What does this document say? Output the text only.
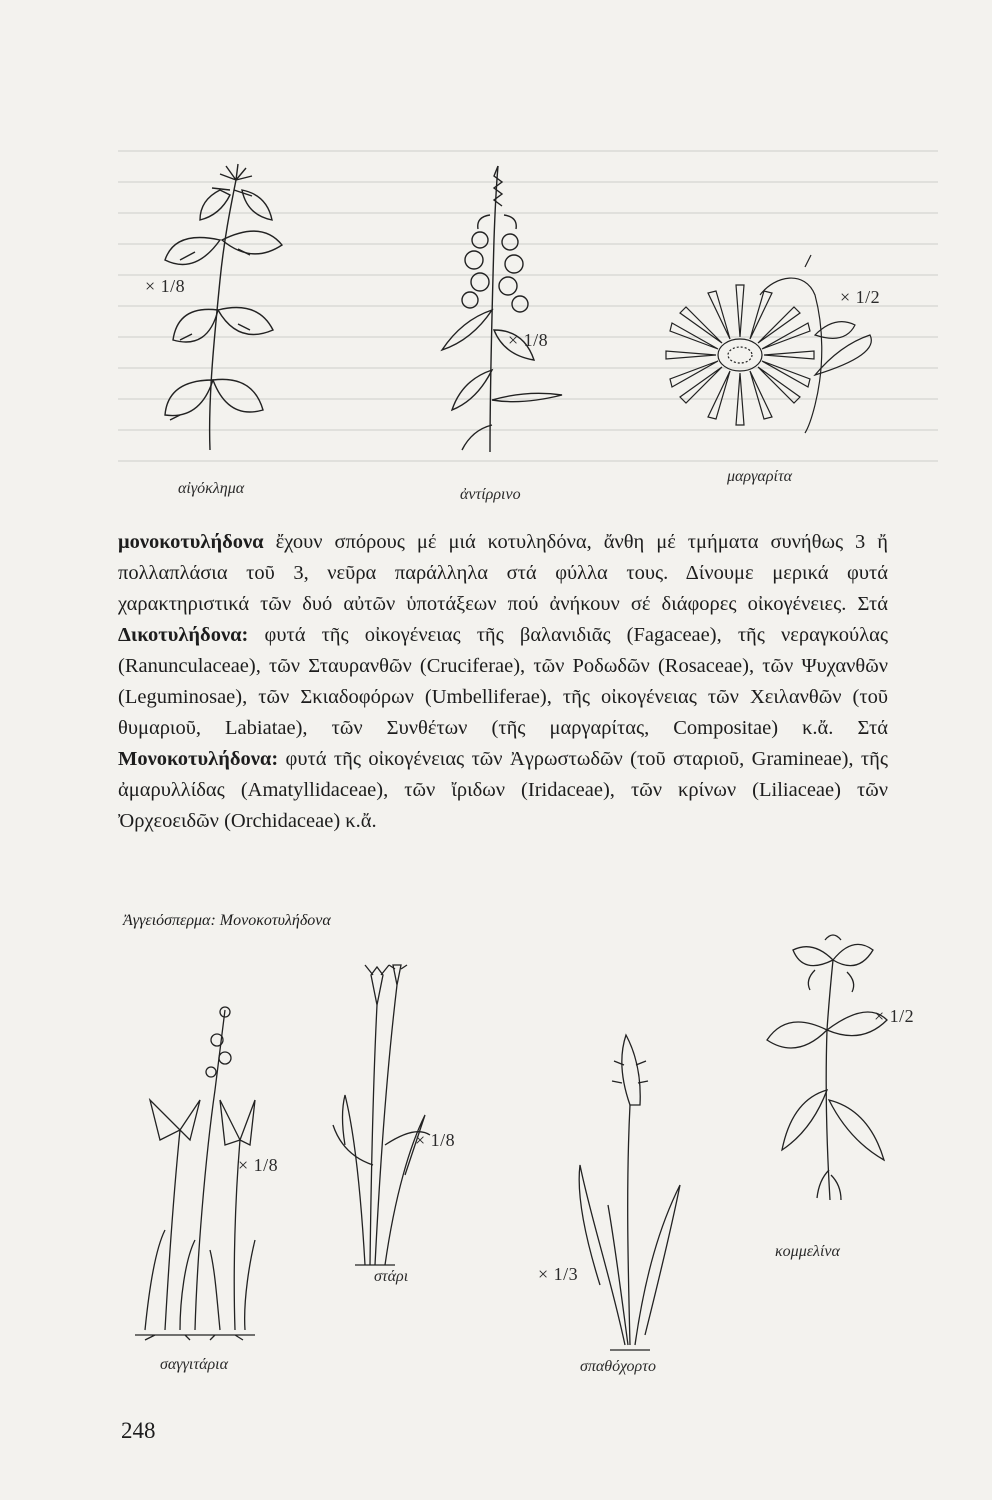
× 1/8
αἰγόκλημα
× 1/8
ἀντίρρινο
× 1/2
μαργαρίτα

μονοκοτυλήδονα ἔχουν σπόρους μέ μιά κοτυληδόνα, ἄνθη μέ τμήματα συνήθως 3 ἤ πολλαπλάσια τοῦ 3, νεῦρα παράλληλα στά φύλλα τους. Δίνουμε μερικά φυτά χαρακτηριστικά τῶν δυό αὐτῶν ὑποτάξεων πού ἀνήκουν σέ διάφορες οἰκογένειες. Στά Δικοτυλήδονα: φυτά τῆς οἰκογένειας τῆς βαλανιδιᾶς (Fagaceae), τῆς νεραγκούλας (Ranunculaceae), τῶν Σταυρανθῶν (Cruciferae), τῶν Ροδωδῶν (Rosaceae), τῶν Ψυχανθῶν (Leguminosae), τῶν Σκιαδοφόρων (Umbelliferae), τῆς οἰκογένειας τῶν Χειλανθῶν (τοῦ θυμαριοῦ, Labiatae), τῶν Συνθέτων (τῆς μαργαρίτας, Compositae) κ.ἄ. Στά Μονοκοτυλήδονα: φυτά τῆς οἰκογένειας τῶν Ἀγρωστωδῶν (τοῦ σταριοῦ, Gramineae), τῆς ἀμαρυλλίδας (Amatyllidaceae), τῶν ἴριδων (Iridaceae), τῶν κρίνων (Liliaceae) τῶν Ὀρχεοειδῶν (Orchidaceae) κ.ἄ.

Ἀγγειόσπερμα: Μονοκοτυλήδονα
× 1/8
σαγγιτάρια
× 1/8
στάρι	× 1/3
σπαθόχορτο
× 1/2
κομμελίνα
248
